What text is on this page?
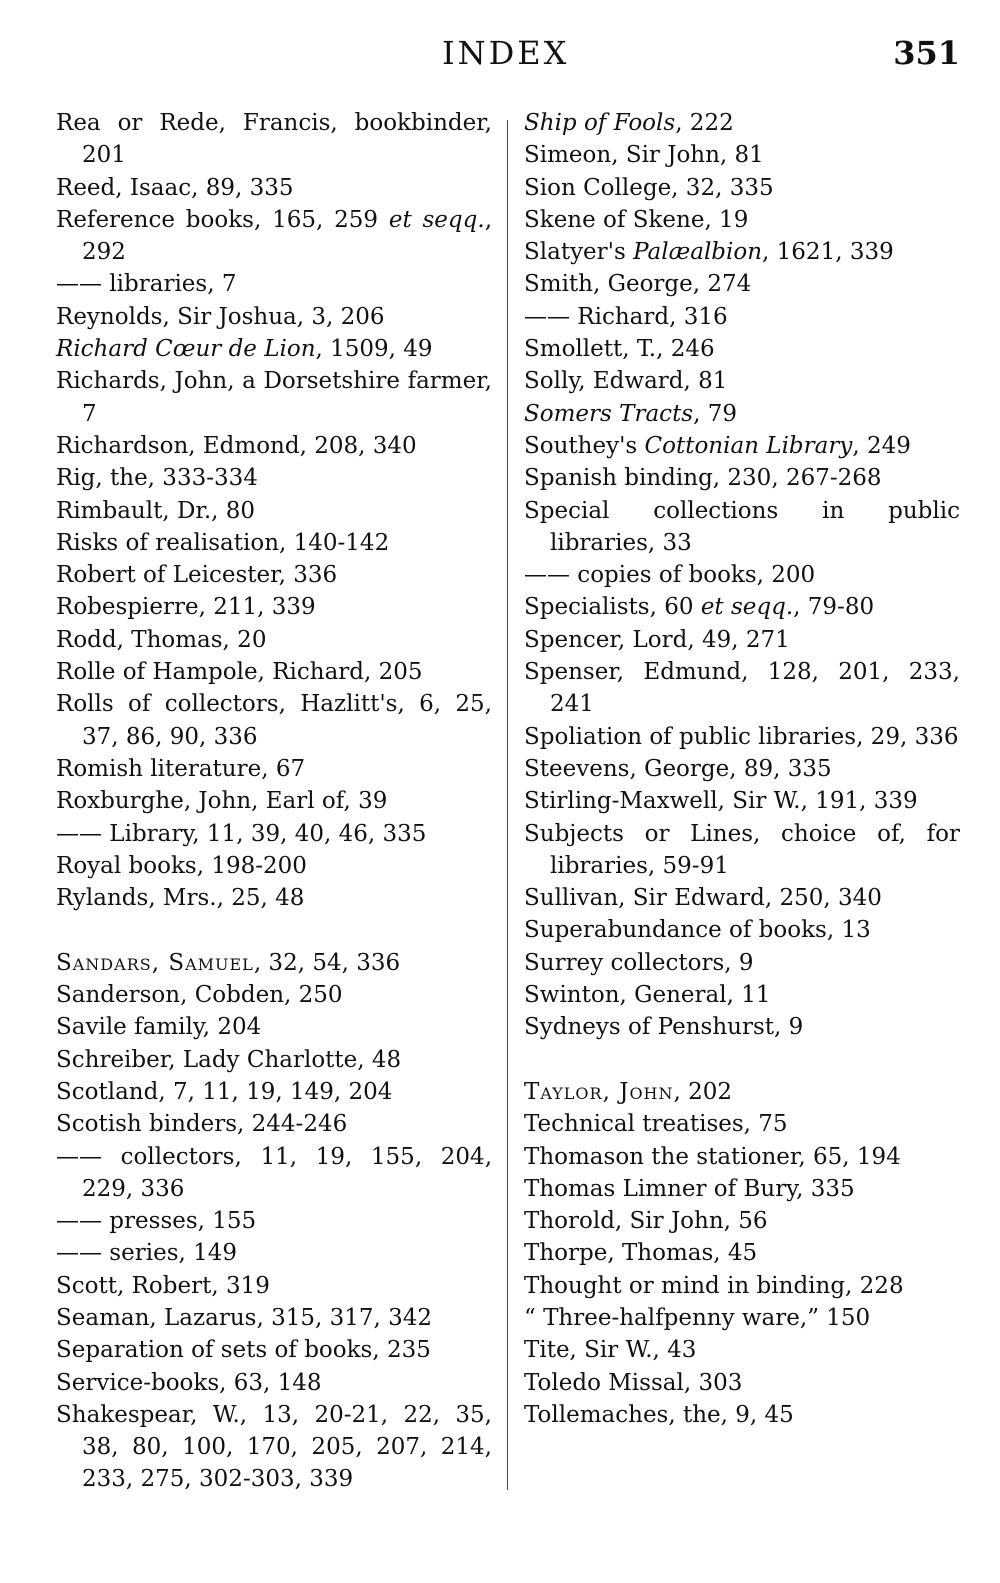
INDEX	351
Rea or Rede, Francis, bookbinder, 201
Reed, Isaac, 89, 335
Reference books, 165, 259 et seqq., 292
—— libraries, 7
Reynolds, Sir Joshua, 3, 206
Richard Cœur de Lion, 1509, 49
Richards, John, a Dorsetshire farmer, 7
Richardson, Edmond, 208, 340
Rig, the, 333-334
Rimbault, Dr., 80
Risks of realisation, 140-142
Robert of Leicester, 336
Robespierre, 211, 339
Rodd, Thomas, 20
Rolle of Hampole, Richard, 205
Rolls of collectors, Hazlitt's, 6, 25, 37, 86, 90, 336
Romish literature, 67
Roxburghe, John, Earl of, 39
—— Library, 11, 39, 40, 46, 335
Royal books, 198-200
Rylands, Mrs., 25, 48
Sandars, Samuel, 32, 54, 336
Sanderson, Cobden, 250
Savile family, 204
Schreiber, Lady Charlotte, 48
Scotland, 7, 11, 19, 149, 204
Scotish binders, 244-246
—— collectors, 11, 19, 155, 204, 229, 336
—— presses, 155
—— series, 149
Scott, Robert, 319
Seaman, Lazarus, 315, 317, 342
Separation of sets of books, 235
Service-books, 63, 148
Shakespear, W., 13, 20-21, 22, 35, 38, 80, 100, 170, 205, 207, 214, 233, 275, 302-303, 339
Ship of Fools, 222
Simeon, Sir John, 81
Sion College, 32, 335
Skene of Skene, 19
Slatyer's Palæalbion, 1621, 339
Smith, George, 274
—— Richard, 316
Smollett, T., 246
Solly, Edward, 81
Somers Tracts, 79
Southey's Cottonian Library, 249
Spanish binding, 230, 267-268
Special collections in public libraries, 33
—— copies of books, 200
Specialists, 60 et seqq., 79-80
Spencer, Lord, 49, 271
Spenser, Edmund, 128, 201, 233, 241
Spoliation of public libraries, 29, 336
Steevens, George, 89, 335
Stirling-Maxwell, Sir W., 191, 339
Subjects or Lines, choice of, for libraries, 59-91
Sullivan, Sir Edward, 250, 340
Superabundance of books, 13
Surrey collectors, 9
Swinton, General, 11
Sydneys of Penshurst, 9
Taylor, John, 202
Technical treatises, 75
Thomason the stationer, 65, 194
Thomas Limner of Bury, 335
Thorold, Sir John, 56
Thorpe, Thomas, 45
Thought or mind in binding, 228
“ Three-halfpenny ware,” 150
Tite, Sir W., 43
Toledo Missal, 303
Tollemaches, the, 9, 45
